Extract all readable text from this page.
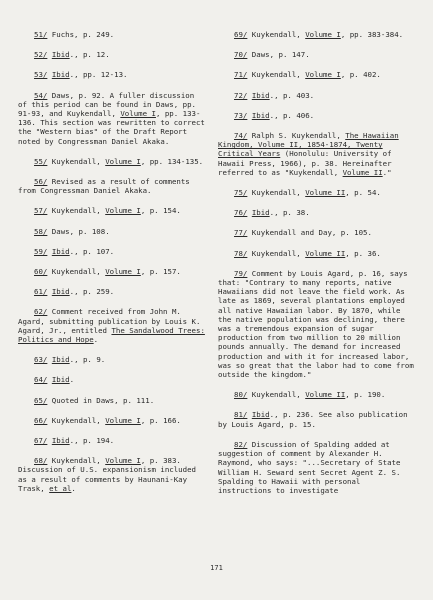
51/ Fuchs, p. 249.

52/ Ibid., p. 12.

53/ Ibid., pp. 12-13.

54/ Daws, p. 92. A fuller discussion of this period can be found in Daws, pp. 91-93, and Kuykendall, Volume I, pp. 133-136. This section was rewritten to correct the "Western bias" of the Draft Report noted by Congressman Daniel Akaka.

55/ Kuykendall, Volume I, pp. 134-135.

56/ Revised as a result of comments from Congressman Daniel Akaka.

57/ Kuykendall, Volume I, p. 154.

58/ Daws, p. 108.

59/ Ibid., p. 107.

60/ Kuykendall, Volume I, p. 157.

61/ Ibid., p. 259.

62/ Comment received from John M. Agard, submitting publication by Louis K. Agard, Jr., entitled The Sandalwood Trees: Politics and Hope.

63/ Ibid., p. 9.

64/ Ibid.

65/ Quoted in Daws, p. 111.

66/ Kuykendall, Volume I, p. 166.

67/ Ibid., p. 194.

68/ Kuykendall, Volume I, p. 383. Discussion of U.S. expansionism included as a result of comments by Haunani-Kay Trask, et al.

69/ Kuykendall, Volume I, pp. 383-384.

70/ Daws, p. 147.

71/ Kuykendall, Volume I, p. 402.

72/ Ibid., p. 403.

73/ Ibid., p. 406.

74/ Ralph S. Kuykendall, The Hawaiian Kingdom, Volume II, 1854-1874, Twenty Critical Years (Honolulu: University of Hawaii Press, 1966), p. 38. Hereinafter referred to as "Kuykendall, Volume II."

75/ Kuykendall, Volume II, p. 54.

76/ Ibid., p. 38.

77/ Kuykendall and Day, p. 105.

78/ Kuykendall, Volume II, p. 36.

79/ Comment by Louis Agard, p. 16, says that: "Contrary to many reports, native Hawaiians did not leave the field work. As late as 1869, several plantations employed all native Hawaiian labor. By 1870, while the native population was declining, there was a tremendous expansion of sugar production from two million to 20 million pounds annually. The demand for increased production and with it for increased labor, was so great that the labor had to come from outside the kingdom."

80/ Kuykendall, Volume II, p. 190.

81/ Ibid., p. 236. See also publication by Louis Agard, p. 15.

82/ Discussion of Spalding added at suggestion of comment by Alexander H. Raymond, who says: "...Secretary of State William H. Seward sent Secret Agent Z. S. Spalding to Hawaii with personal instructions to investigate

171
